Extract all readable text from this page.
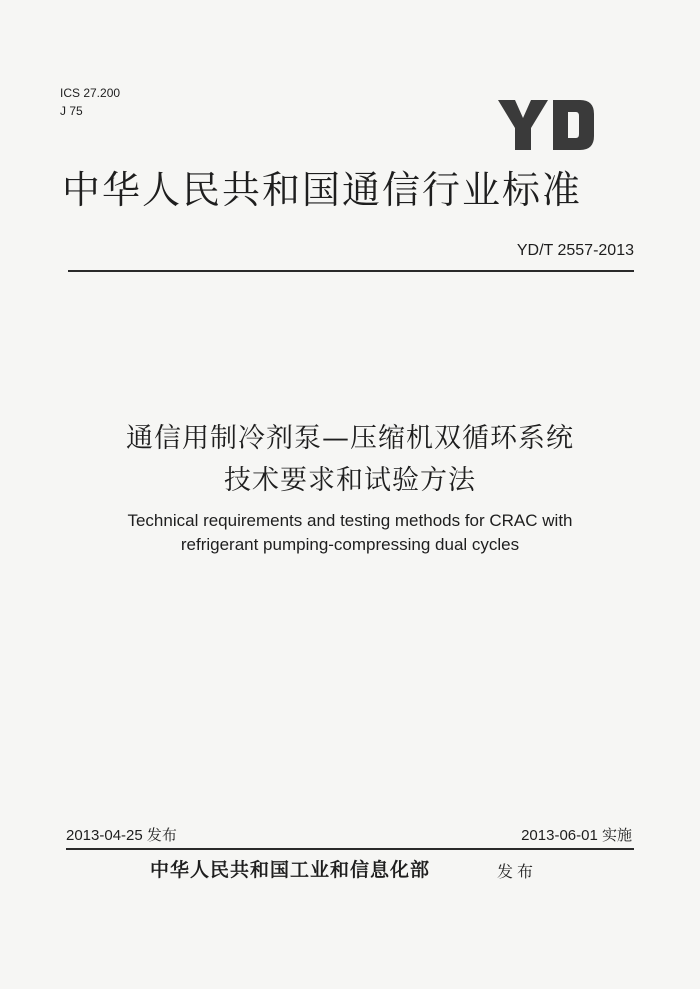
ICS 27.200
J 75
中华人民共和国通信行业标准
YD/T 2557-2013
通信用制冷剂泵—压缩机双循环系统
技术要求和试验方法
Technical requirements and testing methods for CRAC with
refrigerant pumping-compressing dual cycles
2013-04-25 发布	2013-06-01 实施
中华人民共和国工业和信息化部	发布
